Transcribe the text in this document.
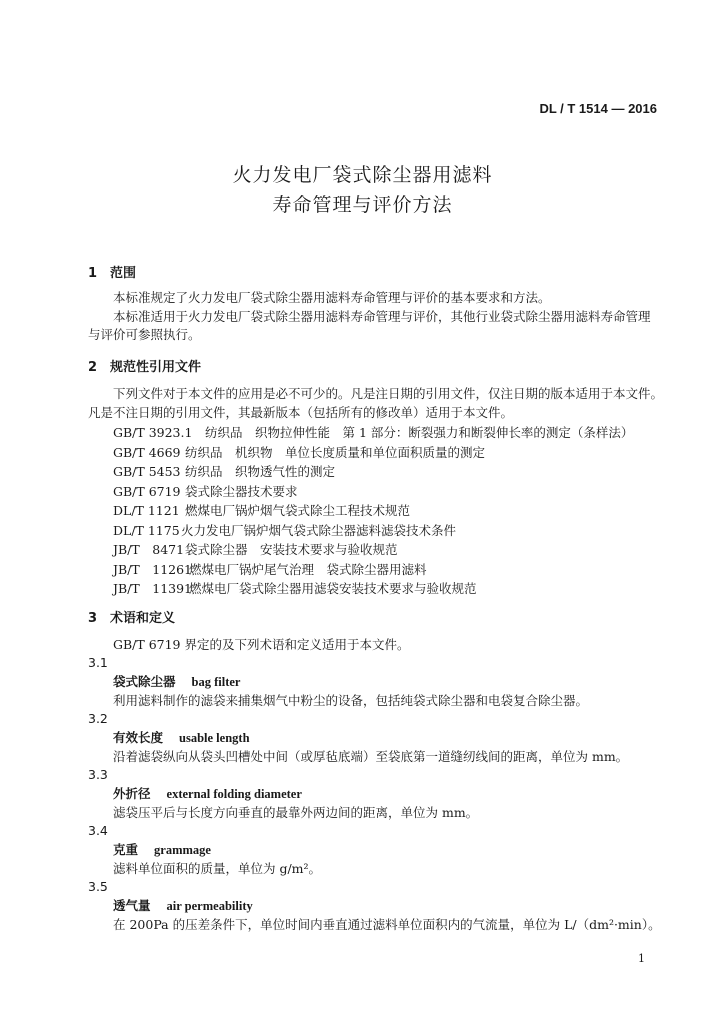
DL / T 1514 — 2016
火力发电厂袋式除尘器用滤料
寿命管理与评价方法
1 范围
本标准规定了火力发电厂袋式除尘器用滤料寿命管理与评价的基本要求和方法。
本标准适用于火力发电厂袋式除尘器用滤料寿命管理与评价，其他行业袋式除尘器用滤料寿命管理
与评价可参照执行。
2 规范性引用文件
下列文件对于本文件的应用是必不可少的。凡是注日期的引用文件，仅注日期的版本适用于本文件。
凡是不注日期的引用文件，其最新版本（包括所有的修改单）适用于本文件。
GB/T 3923.1 纺织品　织物拉伸性能　第 1 部分：断裂强力和断裂伸长率的测定（条样法）
GB/T 4669 纺织品　机织物　单位长度质量和单位面积质量的测定
GB/T 5453 纺织品　织物透气性的测定
GB/T 6719 袋式除尘器技术要求
DL/T 1121 燃煤电厂锅炉烟气袋式除尘工程技术规范
DL/T 1175火力发电厂锅炉烟气袋式除尘器滤料滤袋技术条件
JB/T　8471袋式除尘器　安装技术要求与验收规范
JB/T　11261燃煤电厂锅炉尾气治理　袋式除尘器用滤料
JB/T　11391燃煤电厂袋式除尘器用滤袋安装技术要求与验收规范
3 术语和定义
GB/T 6719 界定的及下列术语和定义适用于本文件。
3.1
袋式除尘器 bag filter
利用滤料制作的滤袋来捕集烟气中粉尘的设备，包括纯袋式除尘器和电袋复合除尘器。
3.2
有效长度 usable length
沿着滤袋纵向从袋头凹槽处中间（或厚毡底端）至袋底第一道缝纫线间的距离，单位为 mm。
3.3
外折径 external folding diameter
滤袋压平后与长度方向垂直的最靠外两边间的距离，单位为 mm。
3.4
克重 grammage
滤料单位面积的质量，单位为 g/m²。
3.5
透气量 air permeability
在 200Pa 的压差条件下，单位时间内垂直通过滤料单位面积内的气流量，单位为 L/（dm²·min）。
1
